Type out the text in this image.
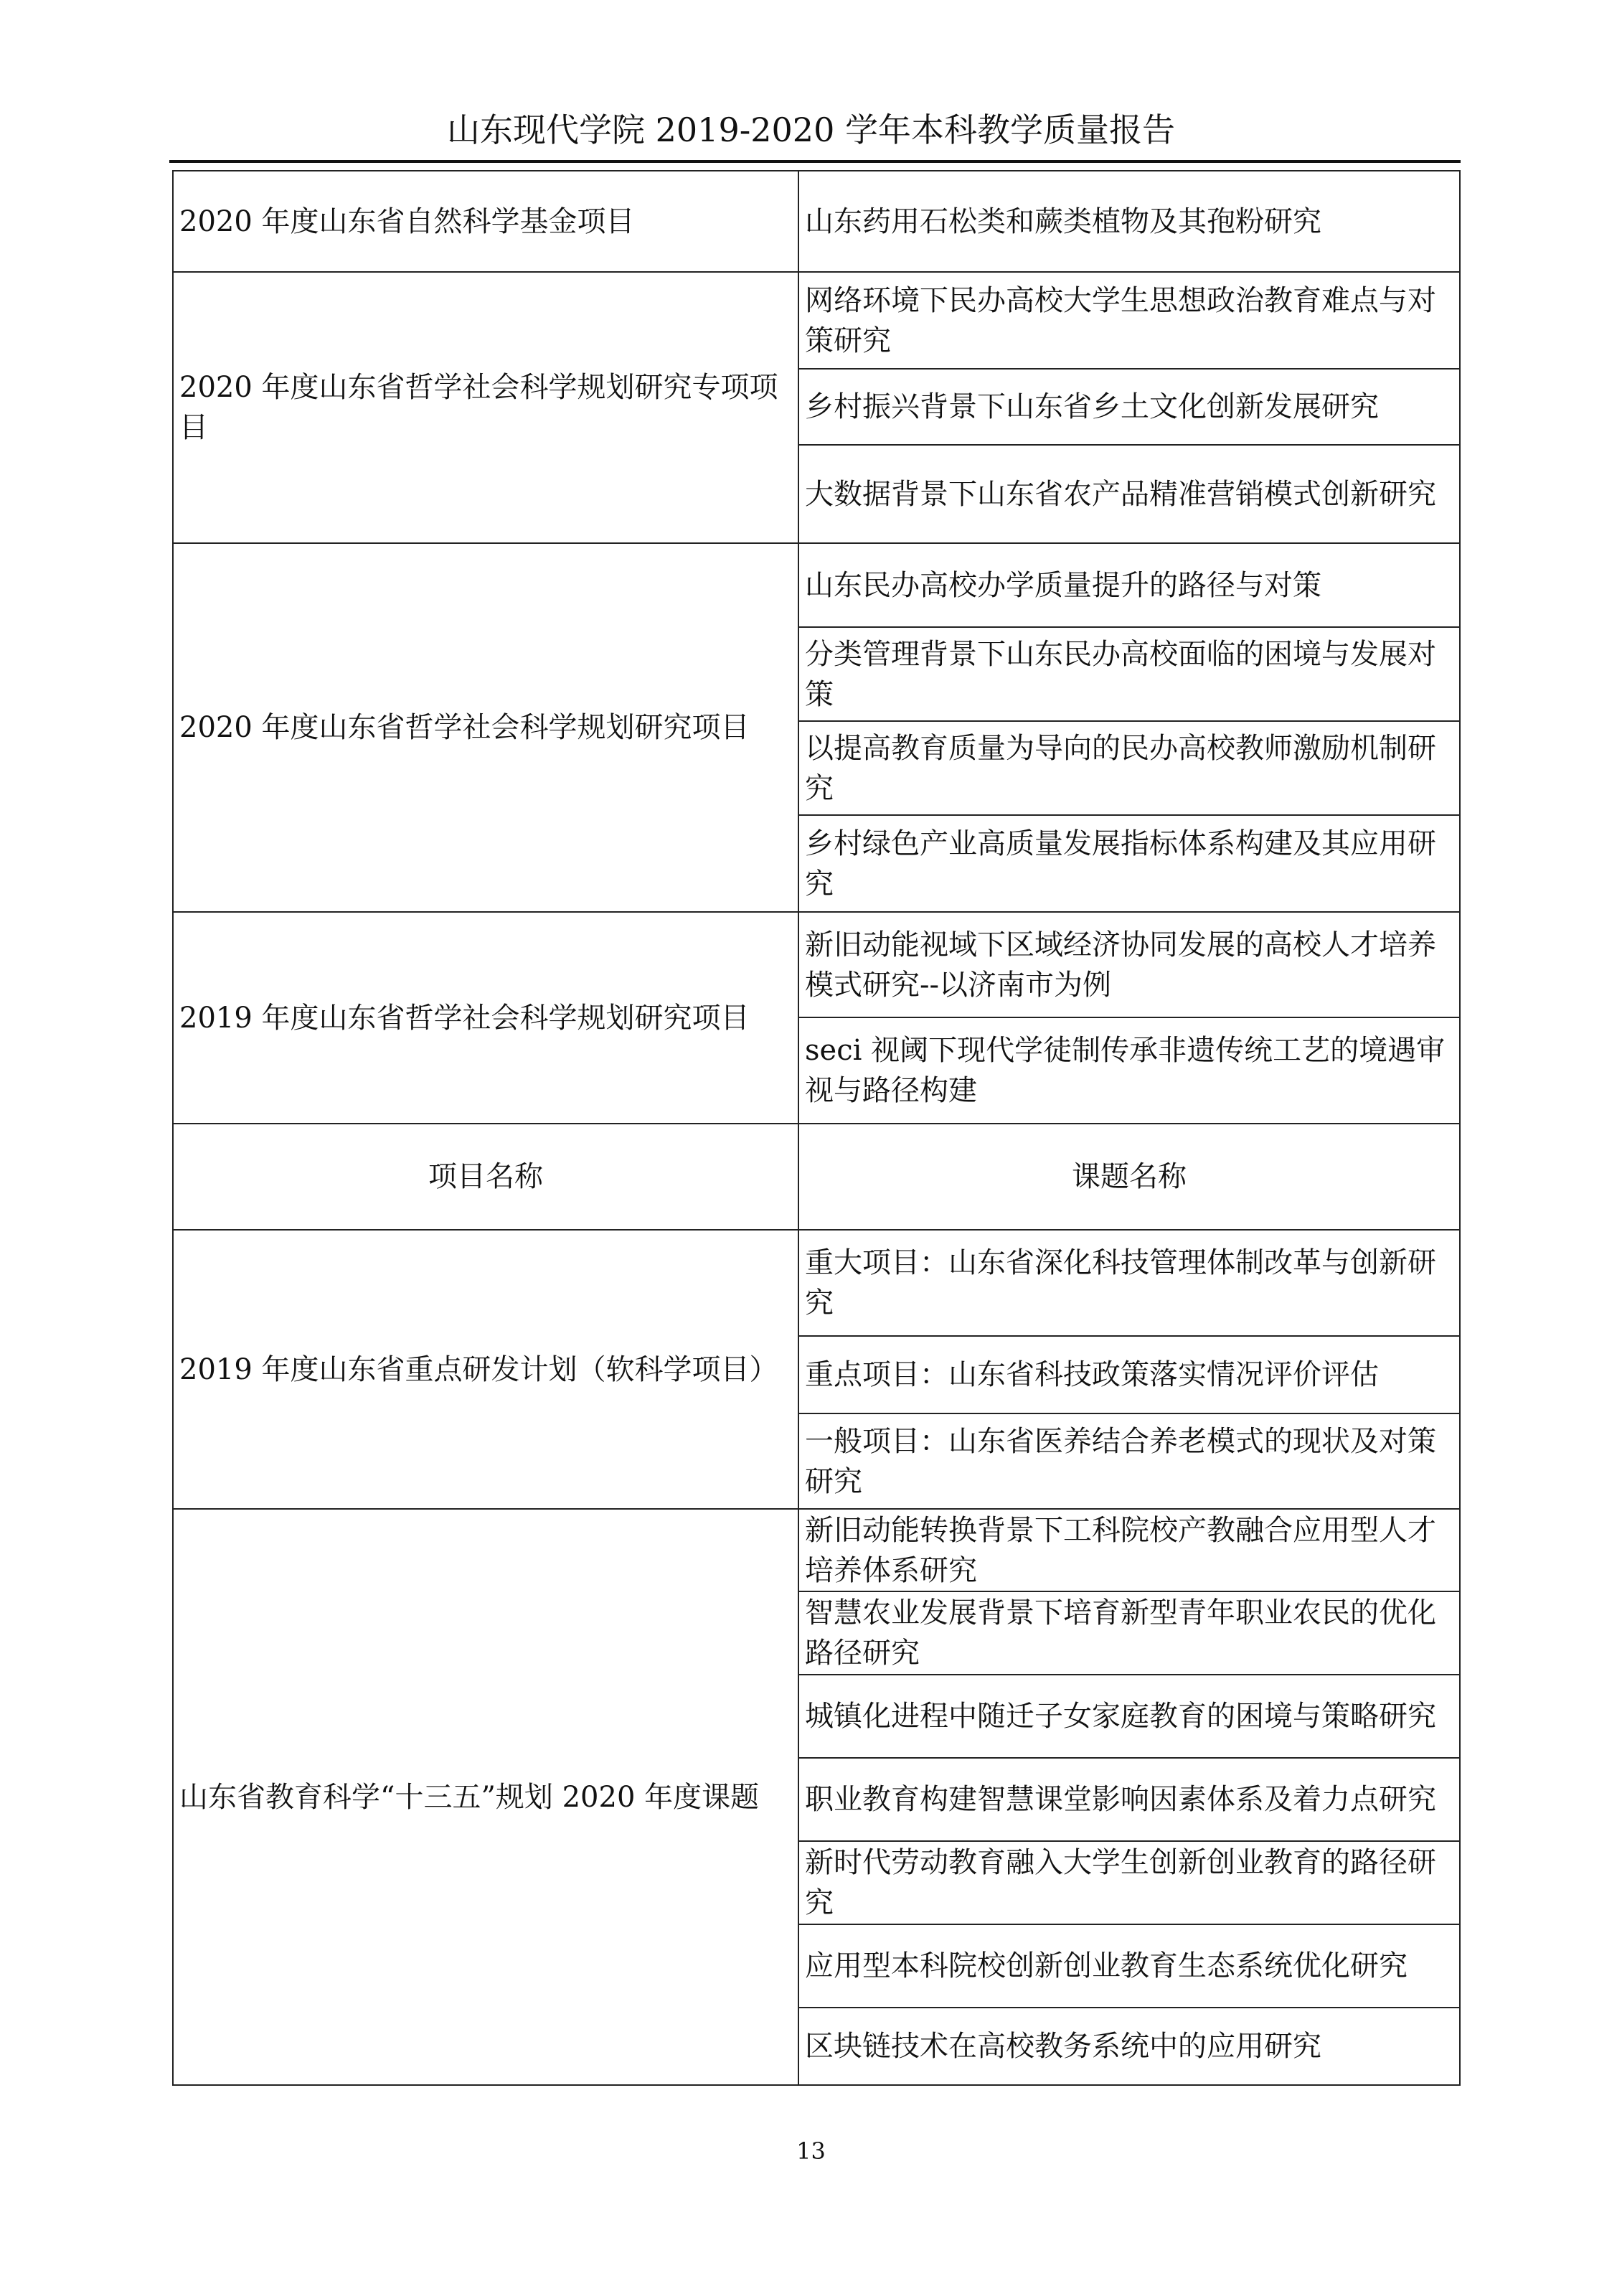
山东现代学院 2019-2020 学年本科教学质量报告
2020 年度山东省自然科学基金项目	山东药用石松类和蕨类植物及其孢粉研究
2020 年度山东省哲学社会科学规划研究专项项目	网络环境下民办高校大学生思想政治教育难点与对策研究
	乡村振兴背景下山东省乡土文化创新发展研究
	大数据背景下山东省农产品精准营销模式创新研究
2020 年度山东省哲学社会科学规划研究项目	山东民办高校办学质量提升的路径与对策
	分类管理背景下山东民办高校面临的困境与发展对策
	以提高教育质量为导向的民办高校教师激励机制研究
	乡村绿色产业高质量发展指标体系构建及其应用研究
2019 年度山东省哲学社会科学规划研究项目	新旧动能视域下区域经济协同发展的高校人才培养模式研究--以济南市为例
	seci 视阈下现代学徒制传承非遗传统工艺的境遇审视与路径构建
项目名称	课题名称
2019 年度山东省重点研发计划（软科学项目）	重大项目：山东省深化科技管理体制改革与创新研究
	重点项目：山东省科技政策落实情况评价评估
	一般项目：山东省医养结合养老模式的现状及对策研究
山东省教育科学“十三五”规划 2020 年度课题	新旧动能转换背景下工科院校产教融合应用型人才培养体系研究
	智慧农业发展背景下培育新型青年职业农民的优化路径研究
	城镇化进程中随迁子女家庭教育的困境与策略研究
	职业教育构建智慧课堂影响因素体系及着力点研究
	新时代劳动教育融入大学生创新创业教育的路径研究
	应用型本科院校创新创业教育生态系统优化研究
	区块链技术在高校教务系统中的应用研究
13
